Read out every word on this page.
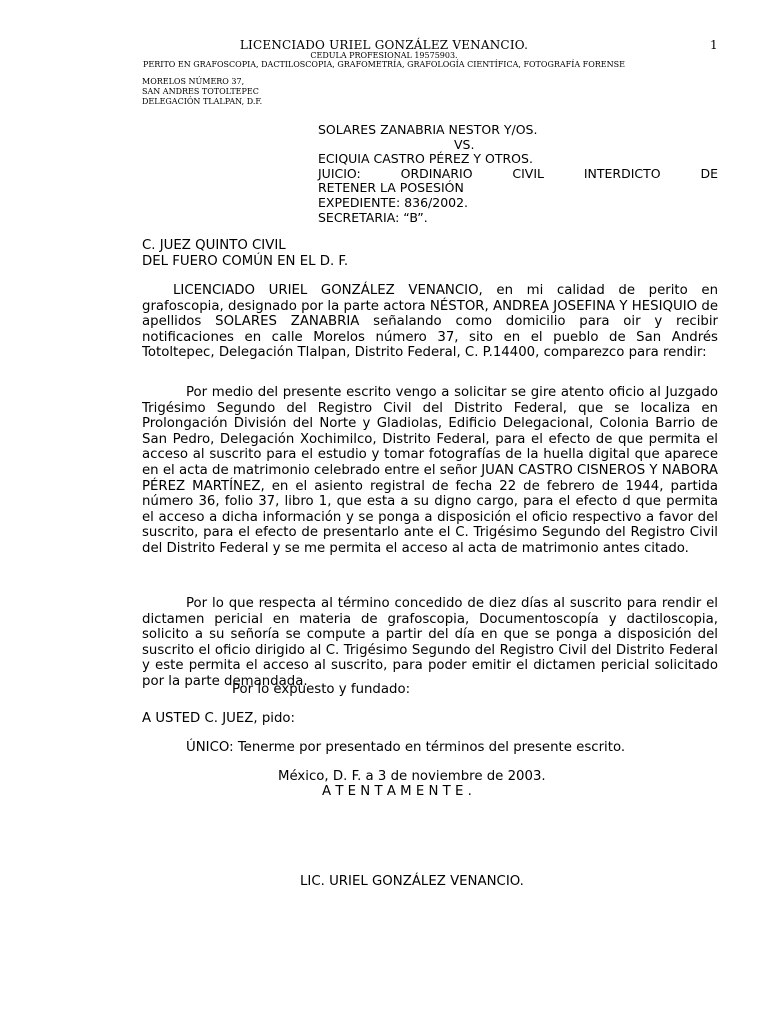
LICENCIADO URIEL GONZÁLEZ VENANCIO.	1
CEDULA PROFESIONAL 19575903.
PERITO EN GRAFOSCOPIA, DACTILOSCOPIA, GRAFOMETRÍA, GRAFOLOGÍA CIENTÍFICA, FOTOGRAFÍA FORENSE
MORELOS NÚMERO 37,
SAN ANDRES TOTOLTEPEC
DELEGACIÓN TLALPAN, D.F.
SOLARES ZANABRIA NESTOR Y/OS.
VS.
ECIQUIA CASTRO PÉREZ Y OTROS.
JUICIO: ORDINARIO CIVIL INTERDICTO DE
RETENER LA POSESIÓN
EXPEDIENTE: 836/2002.
SECRETARIA: “B”.
C. JUEZ QUINTO CIVIL
DEL FUERO COMÚN EN EL D. F.
LICENCIADO URIEL GONZÁLEZ VENANCIO, en mi calidad de perito en grafoscopia, designado por la parte actora NÉSTOR, ANDREA JOSEFINA Y HESIQUIO de apellidos SOLARES ZANABRIA señalando como domicilio para oir y recibir notificaciones en calle Morelos número 37, sito en el pueblo de San Andrés Totoltepec, Delegación Tlalpan, Distrito Federal, C. P.14400, comparezco para rendir:
Por medio del presente escrito vengo a solicitar se gire atento oficio al Juzgado Trigésimo Segundo del Registro Civil del Distrito Federal, que se localiza en Prolongación División del Norte y Gladiolas, Edificio Delegacional, Colonia Barrio de San Pedro, Delegación Xochimilco, Distrito Federal, para el efecto de que permita el acceso al suscrito para el estudio y tomar fotografías de la huella digital que aparece en el acta de matrimonio celebrado entre el señor JUAN CASTRO CISNEROS Y NABORA PÉREZ MARTÍNEZ, en el asiento registral de fecha 22 de febrero de 1944, partida número 36, folio 37, libro 1, que esta a su digno cargo, para el efecto d que permita el acceso a dicha información y se ponga a disposición el oficio respectivo a favor del suscrito, para el efecto de presentarlo ante el C. Trigésimo Segundo del Registro Civil del Distrito Federal y se me permita el acceso al acta de matrimonio antes citado.
Por lo que respecta al término concedido de diez días al suscrito para rendir el dictamen pericial en materia de grafoscopia, Documentoscopía y dactiloscopia, solicito a su señoría se compute a partir del día en que se ponga a disposición del suscrito el oficio dirigido al C. Trigésimo Segundo del Registro Civil del Distrito Federal y este permita el acceso al suscrito, para poder emitir el dictamen pericial solicitado por la parte demandada.
Por lo expuesto y fundado:
A USTED C. JUEZ, pido:
ÚNICO: Tenerme por presentado en términos del presente escrito.
México, D. F. a 3 de noviembre de 2003.
A T E N T A M E N T E .
LIC. URIEL GONZÁLEZ VENANCIO.
